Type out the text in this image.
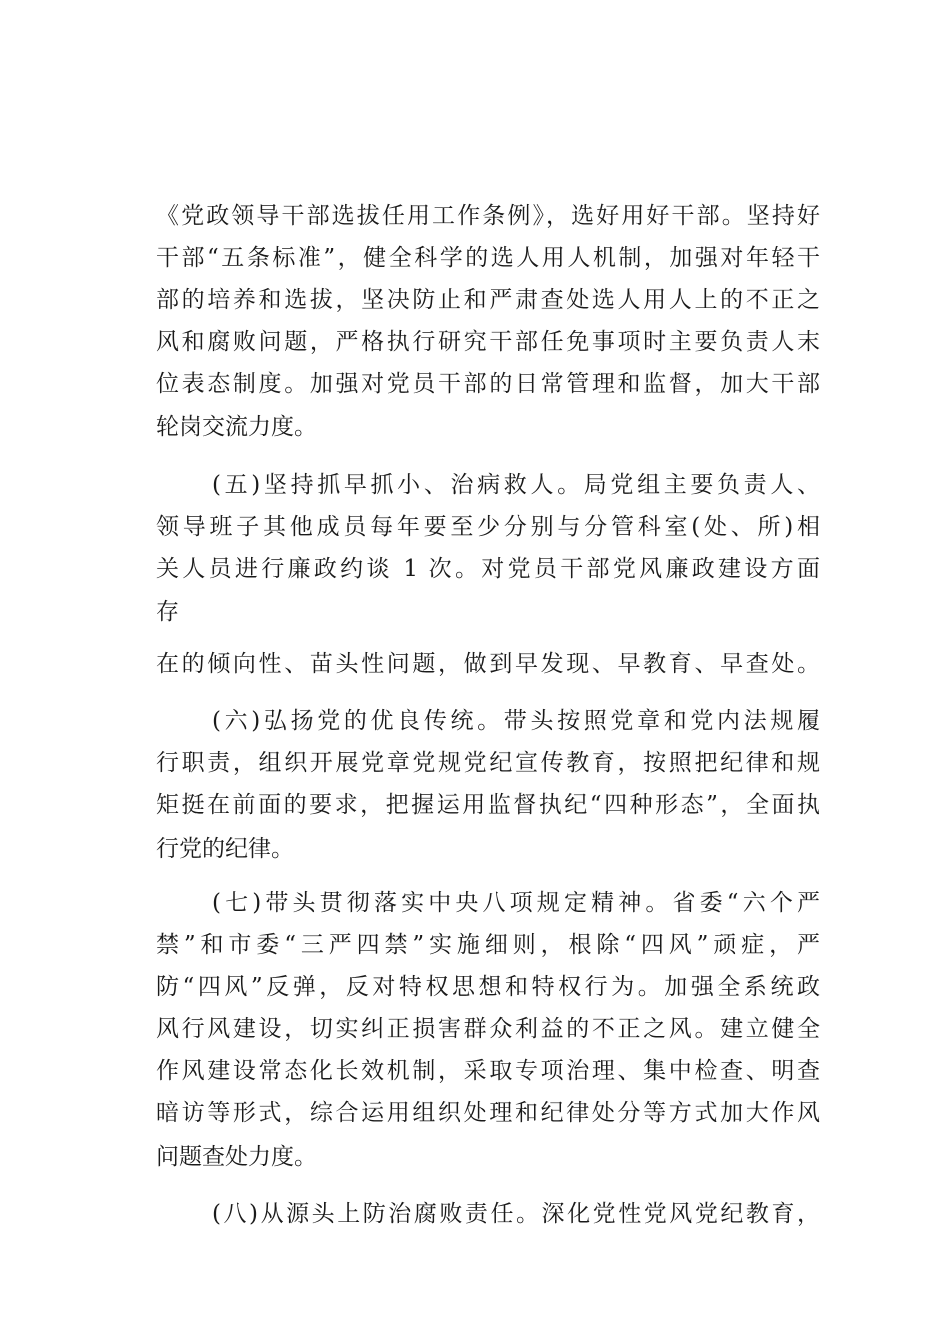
《党政领导干部选拔任用工作条例》，选好用好干部。坚持好
干部“五条标准”，健全科学的选人用人机制，加强对年轻干
部的培养和选拔，坚决防止和严肃查处选人用人上的不正之
风和腐败问题，严格执行研究干部任免事项时主要负责人末
位表态制度。加强对党员干部的日常管理和监督，加大干部
轮岗交流力度。
(五)坚持抓早抓小、治病救人。局党组主要负责人、
领导班子其他成员每年要至少分别与分管科室(处、所)相
关人员进行廉政约谈 1 次。对党员干部党风廉政建设方面
存
在的倾向性、苗头性问题，做到早发现、早教育、早查处。
(六)弘扬党的优良传统。带头按照党章和党内法规履
行职责，组织开展党章党规党纪宣传教育，按照把纪律和规
矩挺在前面的要求，把握运用监督执纪“四种形态”，全面执
行党的纪律。
(七)带头贯彻落实中央八项规定精神。省委“六个严
禁”和市委“三严四禁”实施细则，根除“四风”顽症，严
防“四风”反弹，反对特权思想和特权行为。加强全系统政
风行风建设，切实纠正损害群众利益的不正之风。建立健全
作风建设常态化长效机制，采取专项治理、集中检查、明查
暗访等形式，综合运用组织处理和纪律处分等方式加大作风
问题查处力度。
(八)从源头上防治腐败责任。深化党性党风党纪教育，
